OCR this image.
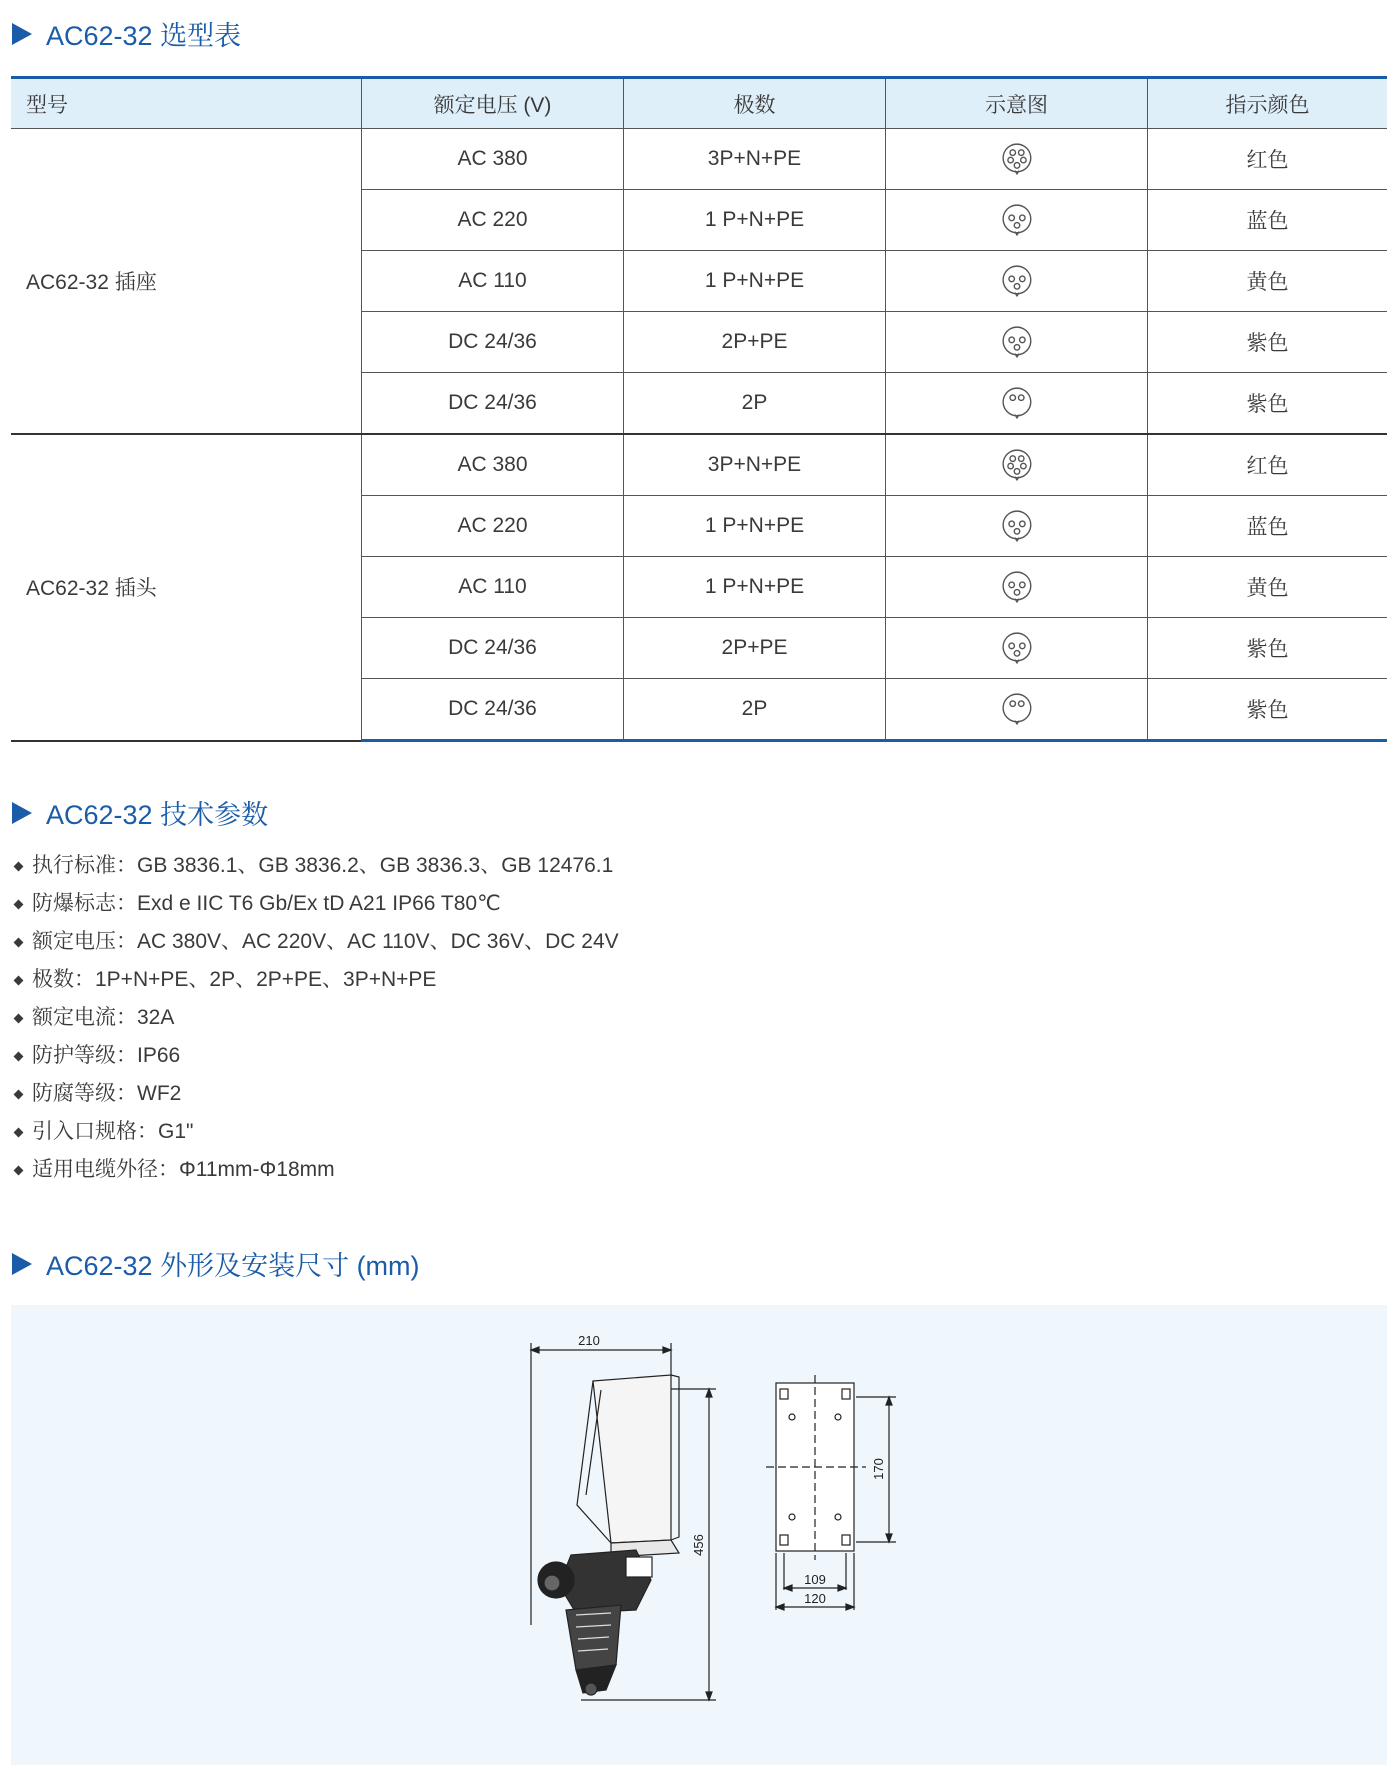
AC62-32 选型表
型号	额定电压 (V)	极数	示意图	指示颜色
AC62-32 插座	AC 380	3P+N+PE		红色
	AC 220	1 P+N+PE		蓝色
	AC 110	1 P+N+PE		黄色
	DC 24/36	2P+PE		紫色
	DC 24/36	2P		紫色
AC62-32 插头	AC 380	3P+N+PE		红色
	AC 220	1 P+N+PE		蓝色
	AC 110	1 P+N+PE		黄色
	DC 24/36	2P+PE		紫色
	DC 24/36	2P		紫色
AC62-32 技术参数
执行标准：GB 3836.1、GB 3836.2、GB 3836.3、GB 12476.1
防爆标志：Exd e IIC T6 Gb/Ex tD A21 IP66 T80℃
额定电压：AC 380V、AC 220V、AC 110V、DC 36V、DC 24V
极数：1P+N+PE、2P、2P+PE、3P+N+PE
额定电流：32A
防护等级：IP66
防腐等级：WF2
引入口规格：G1"
适用电缆外径：Φ11mm-Φ18mm
AC62-32 外形及安装尺寸 (mm)
210
456
170
109
120
